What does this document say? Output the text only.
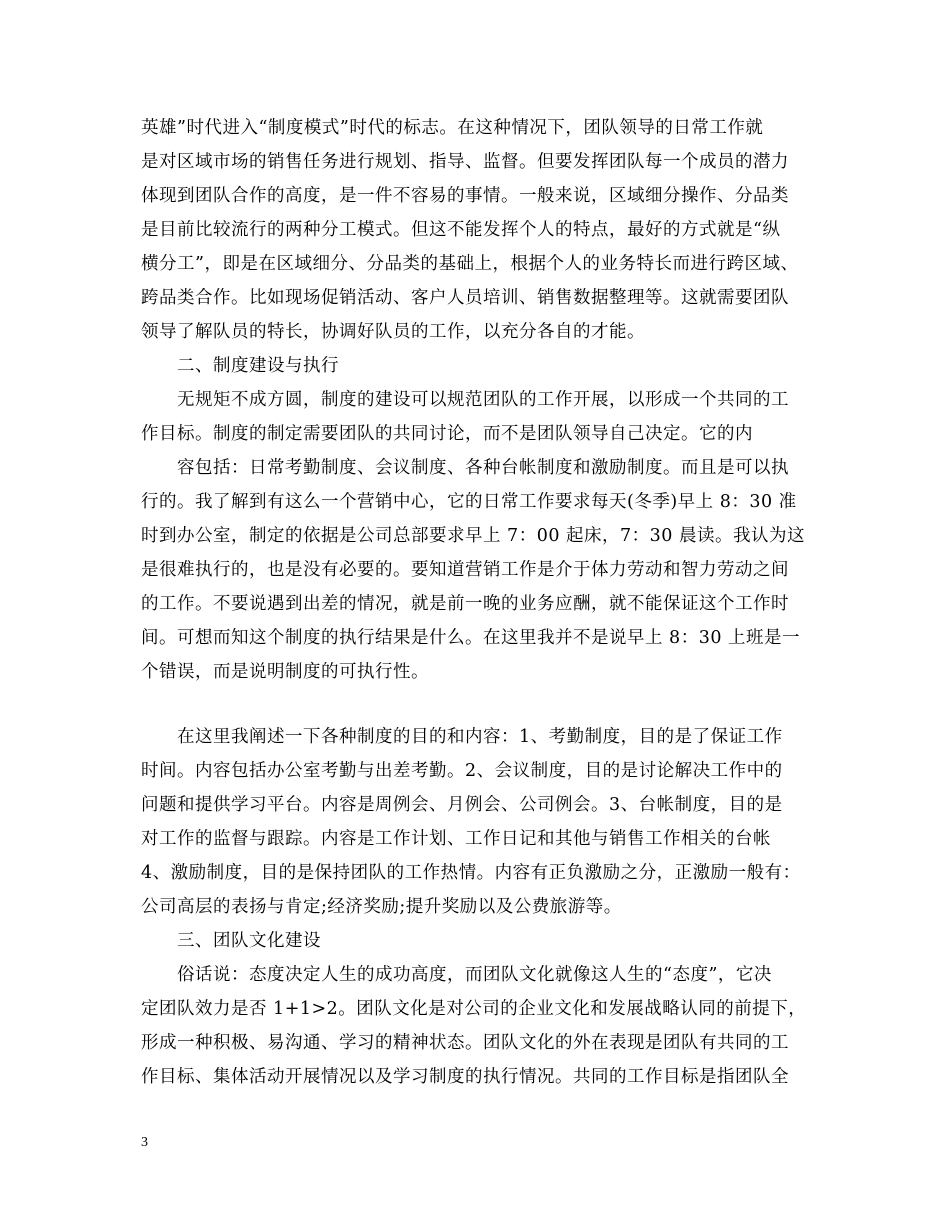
英雄”时代进入“制度模式”时代的标志。在这种情况下，团队领导的日常工作就
是对区域市场的销售任务进行规划、指导、监督。但要发挥团队每一个成员的潜力
体现到团队合作的高度，是一件不容易的事情。一般来说，区域细分操作、分品类
是目前比较流行的两种分工模式。但这不能发挥个人的特点，最好的方式就是“纵
横分工”，即是在区域细分、分品类的基础上，根据个人的业务特长而进行跨区域、
跨品类合作。比如现场促销活动、客户人员培训、销售数据整理等。这就需要团队
领导了解队员的特长，协调好队员的工作，以充分各自的才能。
二、制度建设与执行
无规矩不成方圆，制度的建设可以规范团队的工作开展，以形成一个共同的工
作目标。制度的制定需要团队的共同讨论，而不是团队领导自己决定。它的内
容包括：日常考勤制度、会议制度、各种台帐制度和激励制度。而且是可以执
行的。我了解到有这么一个营销中心，它的日常工作要求每天(冬季)早上 8：30 准
时到办公室，制定的依据是公司总部要求早上 7：00 起床，7：30 晨读。我认为这
是很难执行的，也是没有必要的。要知道营销工作是介于体力劳动和智力劳动之间
的工作。不要说遇到出差的情况，就是前一晚的业务应酬，就不能保证这个工作时
间。可想而知这个制度的执行结果是什么。在这里我并不是说早上 8：30 上班是一
个错误，而是说明制度的可执行性。
在这里我阐述一下各种制度的目的和内容：1、考勤制度，目的是了保证工作
时间。内容包括办公室考勤与出差考勤。2、会议制度，目的是讨论解决工作中的
问题和提供学习平台。内容是周例会、月例会、公司例会。3、台帐制度，目的是
对工作的监督与跟踪。内容是工作计划、工作日记和其他与销售工作相关的台帐
4、激励制度，目的是保持团队的工作热情。内容有正负激励之分，正激励一般有：
公司高层的表扬与肯定;经济奖励;提升奖励以及公费旅游等。
三、团队文化建设
俗话说：态度决定人生的成功高度，而团队文化就像这人生的“态度”，它决
定团队效力是否 1+1>2。团队文化是对公司的企业文化和发展战略认同的前提下，
形成一种积极、易沟通、学习的精神状态。团队文化的外在表现是团队有共同的工
作目标、集体活动开展情况以及学习制度的执行情况。共同的工作目标是指团队全
3
